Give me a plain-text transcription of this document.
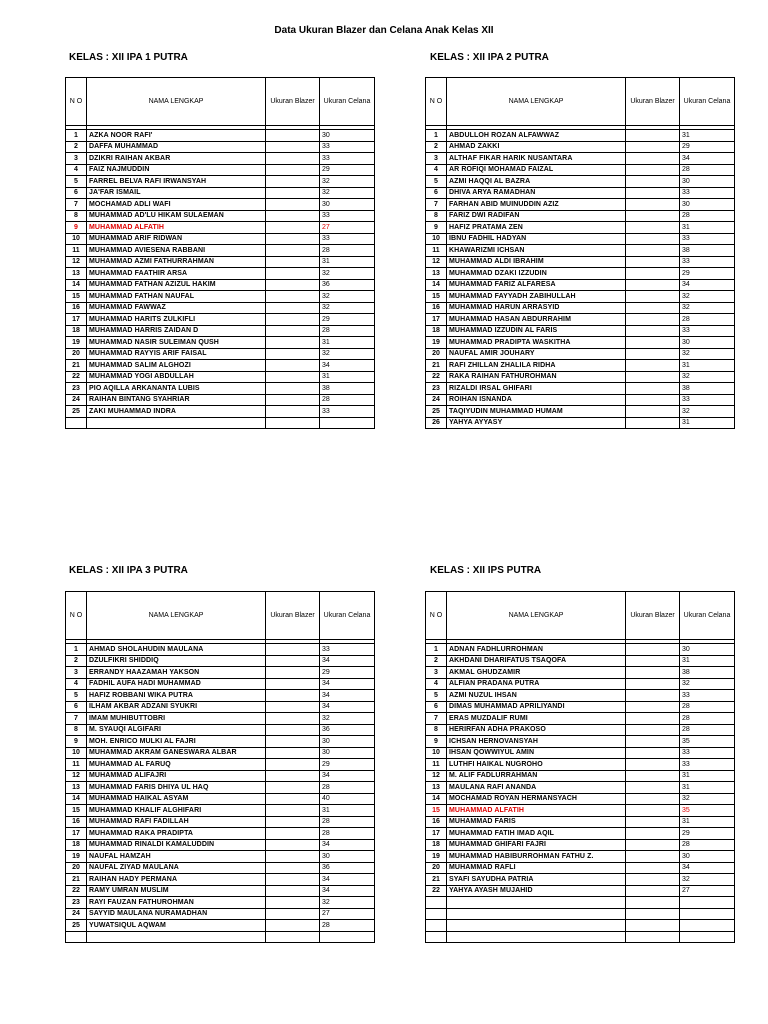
Data Ukuran Blazer dan Celana Anak Kelas XII
KELAS : XII IPA 1 PUTRA
N O	NAMA LENGKAP	Ukuran Blazer	Ukuran Celana

1	AZKA NOOR RAFI'		30
2	DAFFA MUHAMMAD		33
3	DZIKRI RAIHAN AKBAR		33
4	FAIZ NAJMUDDIN		29
5	FARREL BELVA RAFI IRWANSYAH		32
6	JA'FAR ISMAIL		32
7	MOCHAMAD ADLI WAFI		30
8	MUHAMMAD AD'LU HIKAM SULAEMAN		33
9	MUHAMMAD ALFATIH		27
10	MUHAMMAD ARIF RIDWAN		33
11	MUHAMMAD AVIESENA RABBANI		28
12	MUHAMMAD AZMI FATHURRAHMAN		31
13	MUHAMMAD FAATHIR ARSA		32
14	MUHAMMAD FATHAN AZIZUL HAKIM		36
15	MUHAMMAD FATHAN NAUFAL		32
16	MUHAMMAD FAWWAZ		32
17	MUHAMMAD HARITS ZULKIFLI		29
18	MUHAMMAD HARRIS ZAIDAN D		28
19	MUHAMMAD NASIR SULEIMAN QUSH		31
20	MUHAMMAD RAYYIS ARIF FAISAL		32
21	MUHAMMAD SALIM ALGHOZI		34
22	MUHAMMAD YOGI ABDULLAH		31
23	PIO AQILLA ARKANANTA LUBIS		38
24	RAIHAN BINTANG SYAHRIAR		28
25	ZAKI MUHAMMAD INDRA		33

KELAS : XII IPA 2 PUTRA
N O	NAMA LENGKAP	Ukuran Blazer	Ukuran Celana

1	ABDULLOH ROZAN ALFAWWAZ		31
2	AHMAD ZAKKI		29
3	ALTHAF FIKAR HARIK NUSANTARA		34
4	AR ROFIQI MOHAMAD FAIZAL		28
5	AZMI HAQQI AL BAZRA		30
6	DHIVA ARYA RAMADHAN		33
7	FARHAN ABID MUINUDDIN AZIZ		30
8	FARIZ DWI RADIFAN		28
9	HAFIZ PRATAMA ZEN		31
10	IBNU FADHIL HADYAN		33
11	KHAWARIZMI ICHSAN		38
12	MUHAMMAD ALDI IBRAHIM		33
13	MUHAMMAD DZAKI IZZUDIN		29
14	MUHAMMAD FARIZ ALFARESA		34
15	MUHAMMAD FAYYADH ZABIHULLAH		32
16	MUHAMMAD HARUN ARRASYID		32
17	MUHAMMAD HASAN ABDURRAHIM		28
18	MUHAMMAD IZZUDIN AL FARIS		33
19	MUHAMMAD PRADIPTA WASKITHA		30
20	NAUFAL AMIR JOUHARY		32
21	RAFI ZHILLAN ZHALILA RIDHA		31
22	RAKA RAIHAN FATHUROHMAN		32
23	RIZALDI IRSAL GHIFARI		38
24	ROIHAN ISNANDA		33
25	TAQIYUDIN MUHAMMAD HUMAM		32
26	YAHYA AYYASY		31
KELAS : XII IPA 3 PUTRA
N O	NAMA LENGKAP	Ukuran Blazer	Ukuran Celana

1	AHMAD SHOLAHUDIN MAULANA		33
2	DZULFIKRI SHIDDIQ		34
3	ERRANDY HAAZAMAH YAKSON		29
4	FADHIL AUFA HADI MUHAMMAD		34
5	HAFIZ ROBBANI WIKA PUTRA		34
6	ILHAM AKBAR ADZANI SYUKRI		34
7	IMAM MUHIBUTTOBRI		32
8	M. SYAUQI ALGIFARI		36
9	MOH. ENRICO MULKI AL FAJRI		30
10	MUHAMMAD AKRAM GANESWARA ALBAR		30
11	MUHAMMAD AL FARUQ		29
12	MUHAMMAD ALIFAJRI		34
13	MUHAMMAD FARIS DHIYA UL HAQ		28
14	MUHAMMAD HAIKAL ASYAM		40
15	MUHAMMAD KHALIF ALGHIFARI		31
16	MUHAMMAD RAFI FADILLAH		28
17	MUHAMMAD RAKA PRADIPTA		28
18	MUHAMMAD RINALDI KAMALUDDIN		34
19	NAUFAL HAMZAH		30
20	NAUFAL ZIYAD MAULANA		36
21	RAIHAN HADY PERMANA		34
22	RAMY UMRAN MUSLIM		34
23	RAYI FAUZAN FATHUROHMAN		32
24	SAYYID MAULANA NURAMADHAN		27
25	YUWATSIQUL AQWAM		28

KELAS : XII IPS PUTRA
N O	NAMA LENGKAP	Ukuran Blazer	Ukuran Celana

1	ADNAN FADHLURROHMAN		30
2	AKHDANI DHARIFATUS TSAQOFA		31
3	AKMAL GHUDZAMIR		38
4	ALFIAN PRADANA PUTRA		32
5	AZMI NUZUL IHSAN		33
6	DIMAS MUHAMMAD APRILIYANDI		28
7	ERAS MUZDALIF RUMI		28
8	HERIRFAN ADHA PRAKOSO		28
9	ICHSAN HERNOVANSYAH		35
10	IHSAN QOWWIYUL AMIN		33
11	LUTHFI HAIKAL NUGROHO		33
12	M. ALIF FADLURRAHMAN		31
13	MAULANA RAFI ANANDA		31
14	MOCHAMAD ROYAN HERMANSYACH		32
15	MUHAMMAD ALFATIH		35
16	MUHAMMAD FARIS		31
17	MUHAMMAD FATIH IMAD AQIL		29
18	MUHAMMAD GHIFARI FAJRI		28
19	MUHAMMAD HABIBURROHMAN FATHU Z.		30
20	MUHAMMAD RAFLI		34
21	SYAFI SAYUDHA PATRIA		32
22	YAHYA AYASH MUJAHID		27
